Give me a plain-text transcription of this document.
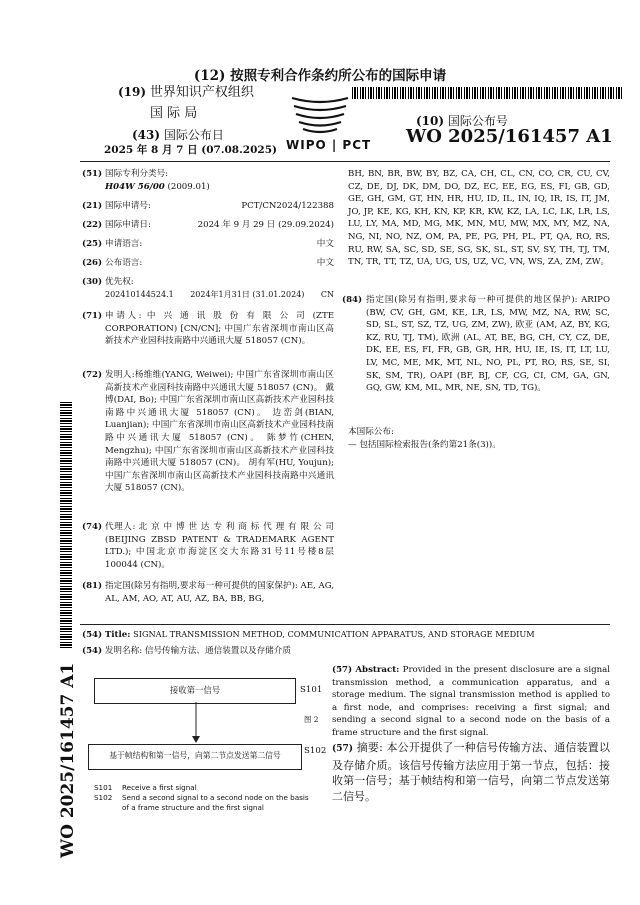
(12) 按照专利合作条约所公布的国际申请
(19) 世界知识产权组织
国 际 局
(43) 国际公布日
2025 年 8 月 7 日 (07.08.2025) WIPO | PCT
(10) 国际公布号
WO 2025/161457 A1
(51) 国际专利分类号:
H04W 56/00 (2009.01)
(21) 国际申请号:	PCT/CN2024/122388
(22) 国际申请日:	2024 年 9 月 29 日 (29.09.2024)
(25) 申请语言:	中文
(26) 公布语言:	中文
(30) 优先权:
202410144524.1 2024年1月31日 (31.01.2024) CN
(71) 申请人: 中 兴 通 讯 股 份 有 限 公 司 (ZTE CORPORATION) [CN/CN]; 中国广东省深圳市南山区高新技术产业园科技南路中兴通讯大厦 518057 (CN)。
(72) 发明人:杨维维(YANG, Weiwei); 中国广东省深圳市南山区高新技术产业园科技南路中兴通讯大厦 518057 (CN)。 戴博(DAI, Bo); 中国广东省深圳市南山区高新技术产业园科技南路中兴通讯大厦 518057 (CN)。 边峦剑(BIAN, Luanjian); 中国广东省深圳市南山区高新技术产业园科技南路中兴通讯大厦 518057 (CN)。 陈梦竹(CHEN, Mengzhu); 中国广东省深圳市南山区高新技术产业园科技南路中兴通讯大厦 518057 (CN)。 胡有军(HU, Youjun); 中国广东省深圳市南山区高新技术产业园科技南路中兴通讯大厦 518057 (CN)。
(74) 代理人: 北 京 中 博 世 达 专 利 商 标 代 理 有 限 公 司 (BEIJING ZBSD PATENT & TRADEMARK AGENT LTD.); 中国北京市海淀区交大东路31号11号楼8层 100044 (CN)。
(81) 指定国(除另有指明,要求每一种可提供的国家保护): AE, AG, AL, AM, AO, AT, AU, AZ, BA, BB, BG,
WO 2025/161457 A1
BH, BN, BR, BW, BY, BZ, CA, CH, CL, CN, CO, CR, CU, CV, CZ, DE, DJ, DK, DM, DO, DZ, EC, EE, EG, ES, FI, GB, GD, GE, GH, GM, GT, HN, HR, HU, ID, IL, IN, IQ, IR, IS, IT, JM, JO, JP, KE, KG, KH, KN, KP, KR, KW, KZ, LA, LC, LK, LR, LS, LU, LY, MA, MD, MG, MK, MN, MU, MW, MX, MY, MZ, NA, NG, NI, NO, NZ, OM, PA, PE, PG, PH, PL, PT, QA, RO, RS, RU, RW, SA, SC, SD, SE, SG, SK, SL, ST, SV, SY, TH, TJ, TM, TN, TR, TT, TZ, UA, UG, US, UZ, VC, VN, WS, ZA, ZM, ZW。
(84) 指定国(除另有指明,要求每一种可提供的地区保护): ARIPO (BW, CV, GH, GM, KE, LR, LS, MW, MZ, NA, RW, SC, SD, SL, ST, SZ, TZ, UG, ZM, ZW), 欧亚 (AM, AZ, BY, KG, KZ, RU, TJ, TM), 欧洲 (AL, AT, BE, BG, CH, CY, CZ, DE, DK, EE, ES, FI, FR, GB, GR, HR, HU, IE, IS, IT, LT, LU, LV, MC, ME, MK, MT, NL, NO, PL, PT, RO, RS, SE, SI, SK, SM, TR), OAPI (BF, BJ, CF, CG, CI, CM, GA, GN, GQ, GW, KM, ML, MR, NE, SN, TD, TG)。
本国际公布:
— 包括国际检索报告(条约第21条(3))。
(54) Title: SIGNAL TRANSMISSION METHOD, COMMUNICATION APPARATUS, AND STORAGE MEDIUM
(54) 发明名称: 信号传输方法、通信装置以及存储介质
接收第一信号	S101
图 2
基于帧结构和第一信号，向第二节点发送第二信号	S102
S101	Receive a first signal
S102	Send a second signal to a second node on the basis of a frame structure and the first signal
(57) Abstract: Provided in the present disclosure are a signal transmission method, a communication apparatus, and a storage medium. The signal transmission method is applied to a first node, and comprises: receiving a first signal; and sending a second signal to a second node on the basis of a frame structure and the first signal.
(57) 摘要: 本公开提供了一种信号传输方法、通信装置以及存储介质。该信号传输方法应用于第一节点，包括：接收第一信号；基于帧结构和第一信号，向第二节点发送第二信号。
